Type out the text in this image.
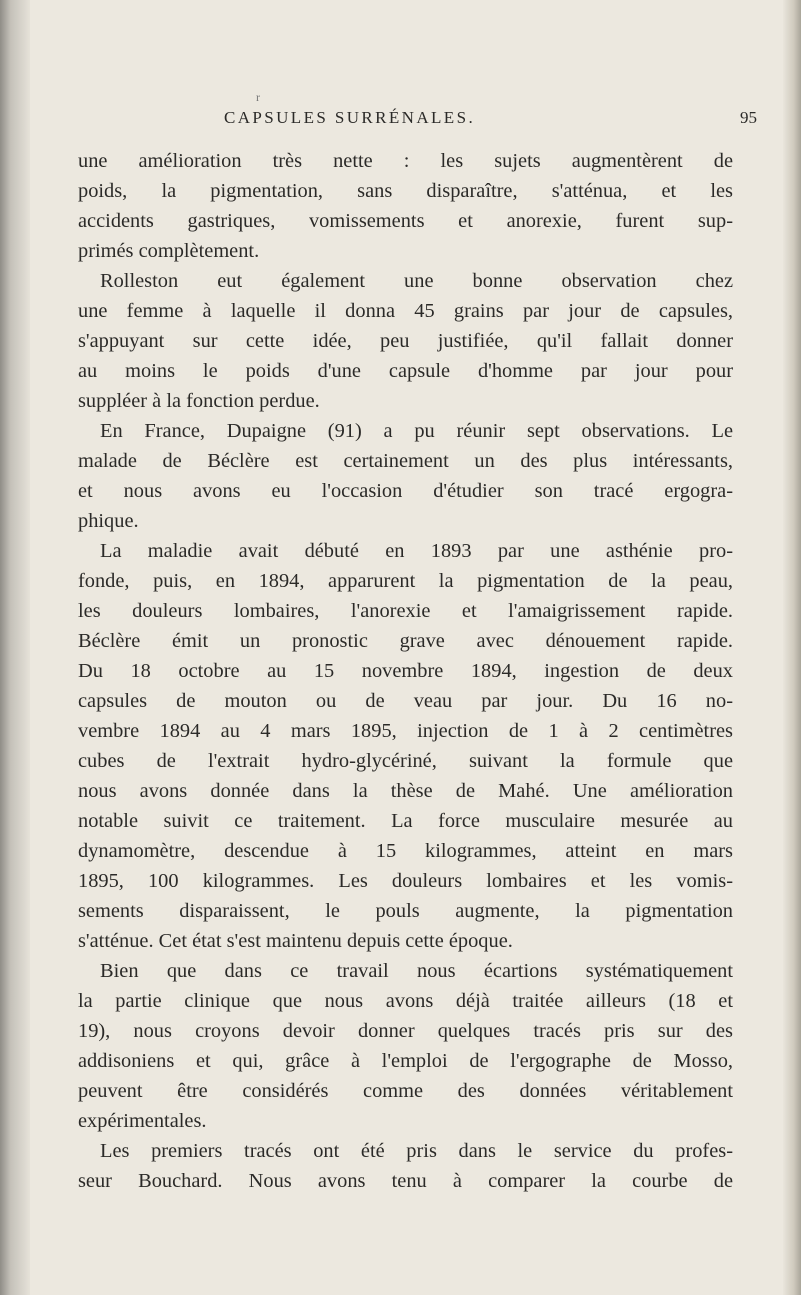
r
CAPSULES SURRÉNALES.	95
une amélioration très nette : les sujets augmentèrent de
poids, la pigmentation, sans disparaître, s'atténua, et les
accidents gastriques, vomissements et anorexie, furent sup-
primés complètement.
Rolleston eut également une bonne observation chez
une femme à laquelle il donna 45 grains par jour de capsules,
s'appuyant sur cette idée, peu justifiée, qu'il fallait donner
au moins le poids d'une capsule d'homme par jour pour
suppléer à la fonction perdue.
En France, Dupaigne (91) a pu réunir sept observations. Le
malade de Béclère est certainement un des plus intéressants,
et nous avons eu l'occasion d'étudier son tracé ergogra-
phique.
La maladie avait débuté en 1893 par une asthénie pro-
fonde, puis, en 1894, apparurent la pigmentation de la peau,
les douleurs lombaires, l'anorexie et l'amaigrissement rapide.
Béclère émit un pronostic grave avec dénouement rapide.
Du 18 octobre au 15 novembre 1894, ingestion de deux
capsules de mouton ou de veau par jour. Du 16 no-
vembre 1894 au 4 mars 1895, injection de 1 à 2 centimètres
cubes de l'extrait hydro-glycériné, suivant la formule que
nous avons donnée dans la thèse de Mahé. Une amélioration
notable suivit ce traitement. La force musculaire mesurée au
dynamomètre, descendue à 15 kilogrammes, atteint en mars
1895, 100 kilogrammes. Les douleurs lombaires et les vomis-
sements disparaissent, le pouls augmente, la pigmentation
s'atténue. Cet état s'est maintenu depuis cette époque.
Bien que dans ce travail nous écartions systématiquement
la partie clinique que nous avons déjà traitée ailleurs (18 et
19), nous croyons devoir donner quelques tracés pris sur des
addisoniens et qui, grâce à l'emploi de l'ergographe de Mosso,
peuvent être considérés comme des données véritablement
expérimentales.
Les premiers tracés ont été pris dans le service du profes-
seur Bouchard. Nous avons tenu à comparer la courbe de
